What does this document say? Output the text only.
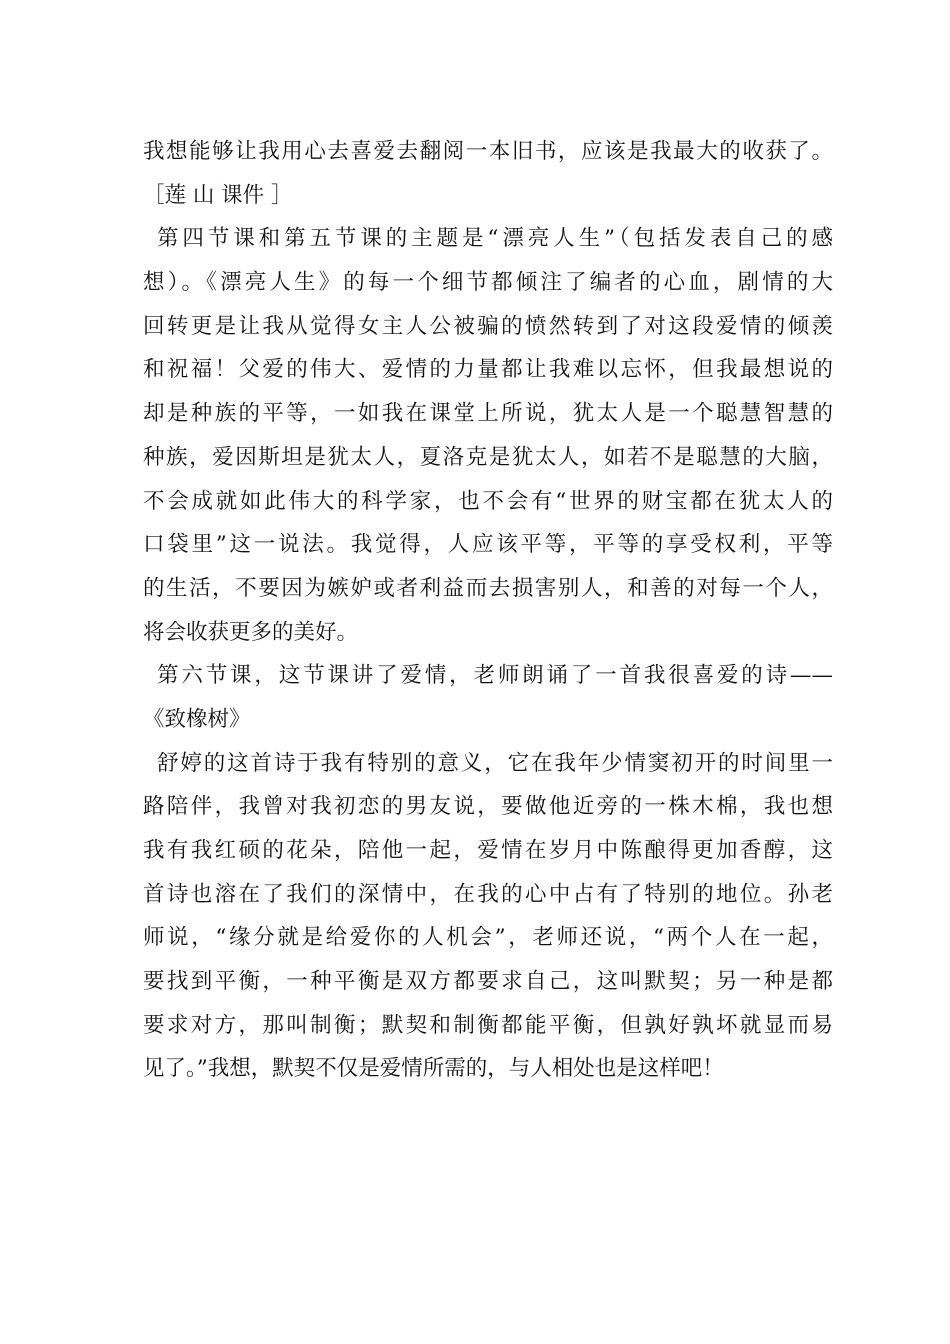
我想能够让我用心去喜爱去翻阅一本旧书，应该是我最大的收获了。
［莲 山 课件 ］
第四节课和第五节课的主题是“漂亮人生”（包括发表自己的感
想）。《漂亮人生》的每一个细节都倾注了编者的心血，剧情的大
回转更是让我从觉得女主人公被骗的愤然转到了对这段爱情的倾羡
和祝福！父爱的伟大、爱情的力量都让我难以忘怀，但我最想说的
却是种族的平等，一如我在课堂上所说，犹太人是一个聪慧智慧的
种族，爱因斯坦是犹太人，夏洛克是犹太人，如若不是聪慧的大脑，
不会成就如此伟大的科学家，也不会有“世界的财宝都在犹太人的
口袋里”这一说法。我觉得，人应该平等，平等的享受权利，平等
的生活，不要因为嫉妒或者利益而去损害别人，和善的对每一个人，
将会收获更多的美好。
第六节课，这节课讲了爱情，老师朗诵了一首我很喜爱的诗——
《致橡树》
舒婷的这首诗于我有特别的意义，它在我年少情窦初开的时间里一
路陪伴，我曾对我初恋的男友说，要做他近旁的一株木棉，我也想
我有我红硕的花朵，陪他一起，爱情在岁月中陈酿得更加香醇，这
首诗也溶在了我们的深情中，在我的心中占有了特别的地位。孙老
师说，“缘分就是给爱你的人机会”，老师还说，“两个人在一起，
要找到平衡，一种平衡是双方都要求自己，这叫默契；另一种是都
要求对方，那叫制衡；默契和制衡都能平衡，但孰好孰坏就显而易
见了。”我想，默契不仅是爱情所需的，与人相处也是这样吧！
